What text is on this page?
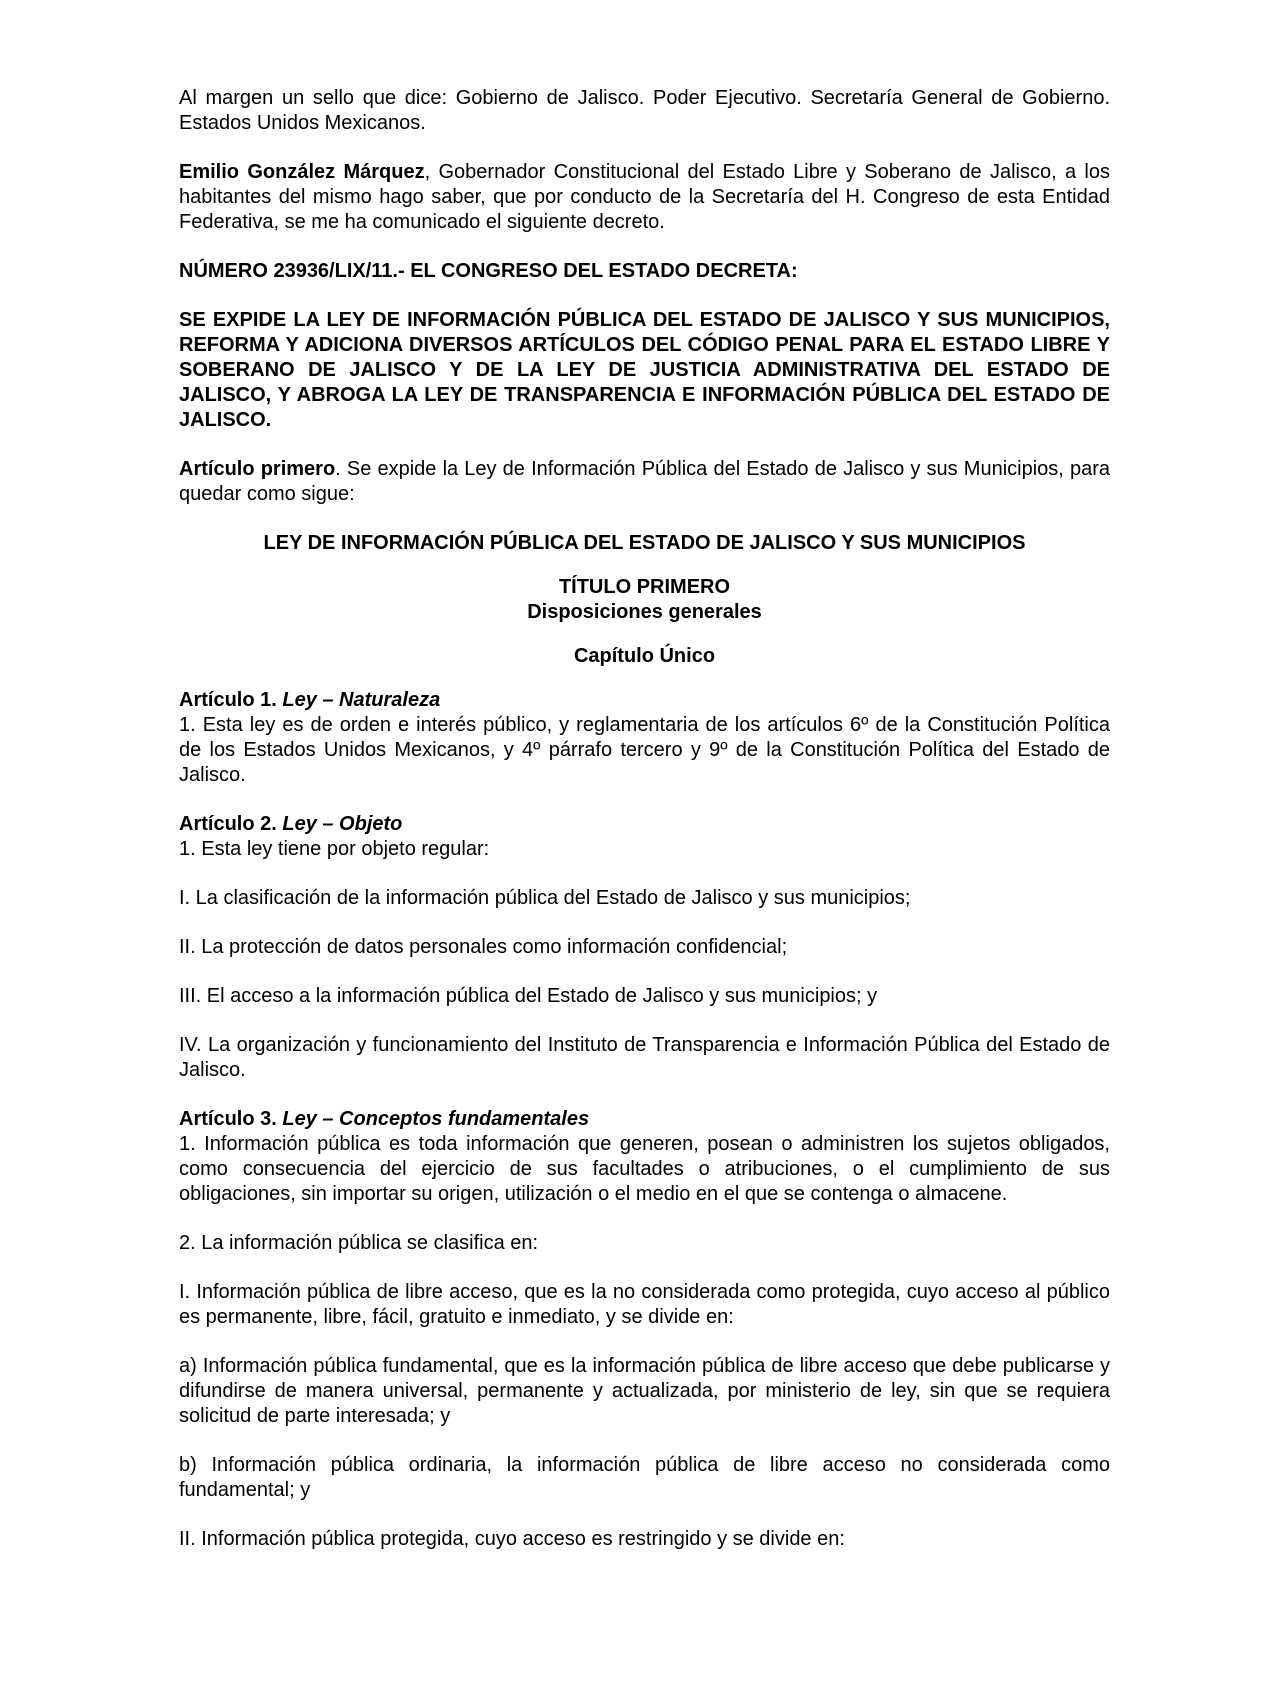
Al margen un sello que dice: Gobierno de Jalisco. Poder Ejecutivo. Secretaría General de Gobierno. Estados Unidos Mexicanos.

Emilio González Márquez, Gobernador Constitucional del Estado Libre y Soberano de Jalisco, a los habitantes del mismo hago saber, que por conducto de la Secretaría del H. Congreso de esta Entidad Federativa, se me ha comunicado el siguiente decreto.

NÚMERO 23936/LIX/11.- EL CONGRESO DEL ESTADO DECRETA:

SE EXPIDE LA LEY DE INFORMACIÓN PÚBLICA DEL ESTADO DE JALISCO Y SUS MUNICIPIOS, REFORMA Y ADICIONA DIVERSOS ARTÍCULOS DEL CÓDIGO PENAL PARA EL ESTADO LIBRE Y SOBERANO DE JALISCO Y DE LA LEY DE JUSTICIA ADMINISTRATIVA DEL ESTADO DE JALISCO, Y ABROGA LA LEY DE TRANSPARENCIA E INFORMACIÓN PÚBLICA DEL ESTADO DE JALISCO.

Artículo primero. Se expide la Ley de Información Pública del Estado de Jalisco y sus Municipios, para quedar como sigue:

LEY DE INFORMACIÓN PÚBLICA DEL ESTADO DE JALISCO Y SUS MUNICIPIOS

TÍTULO PRIMERO

Disposiciones generales

Capítulo Único

Artículo 1. Ley – Naturaleza

1. Esta ley es de orden e interés público, y reglamentaria de los artículos 6º de la Constitución Política de los Estados Unidos Mexicanos, y 4º párrafo tercero y 9º de la Constitución Política del Estado de Jalisco.

Artículo 2. Ley – Objeto

1. Esta ley tiene por objeto regular:

I. La clasificación de la información pública del Estado de Jalisco y sus municipios;

II. La protección de datos personales como información confidencial;

III. El acceso a la información pública del Estado de Jalisco y sus municipios; y

IV. La organización y funcionamiento del Instituto de Transparencia e Información Pública del Estado de Jalisco.

Artículo 3. Ley – Conceptos fundamentales

1. Información pública es toda información que generen, posean o administren los sujetos obligados, como consecuencia del ejercicio de sus facultades o atribuciones, o el cumplimiento de sus obligaciones, sin importar su origen, utilización o el medio en el que se contenga o almacene.

2. La información pública se clasifica en:

I. Información pública de libre acceso, que es la no considerada como protegida, cuyo acceso al público es permanente, libre, fácil, gratuito e inmediato, y se divide en:

a) Información pública fundamental, que es la información pública de libre acceso que debe publicarse y difundirse de manera universal, permanente y actualizada, por ministerio de ley, sin que se requiera solicitud de parte interesada; y

b) Información pública ordinaria, la información pública de libre acceso no considerada como fundamental; y

II. Información pública protegida, cuyo acceso es restringido y se divide en:
